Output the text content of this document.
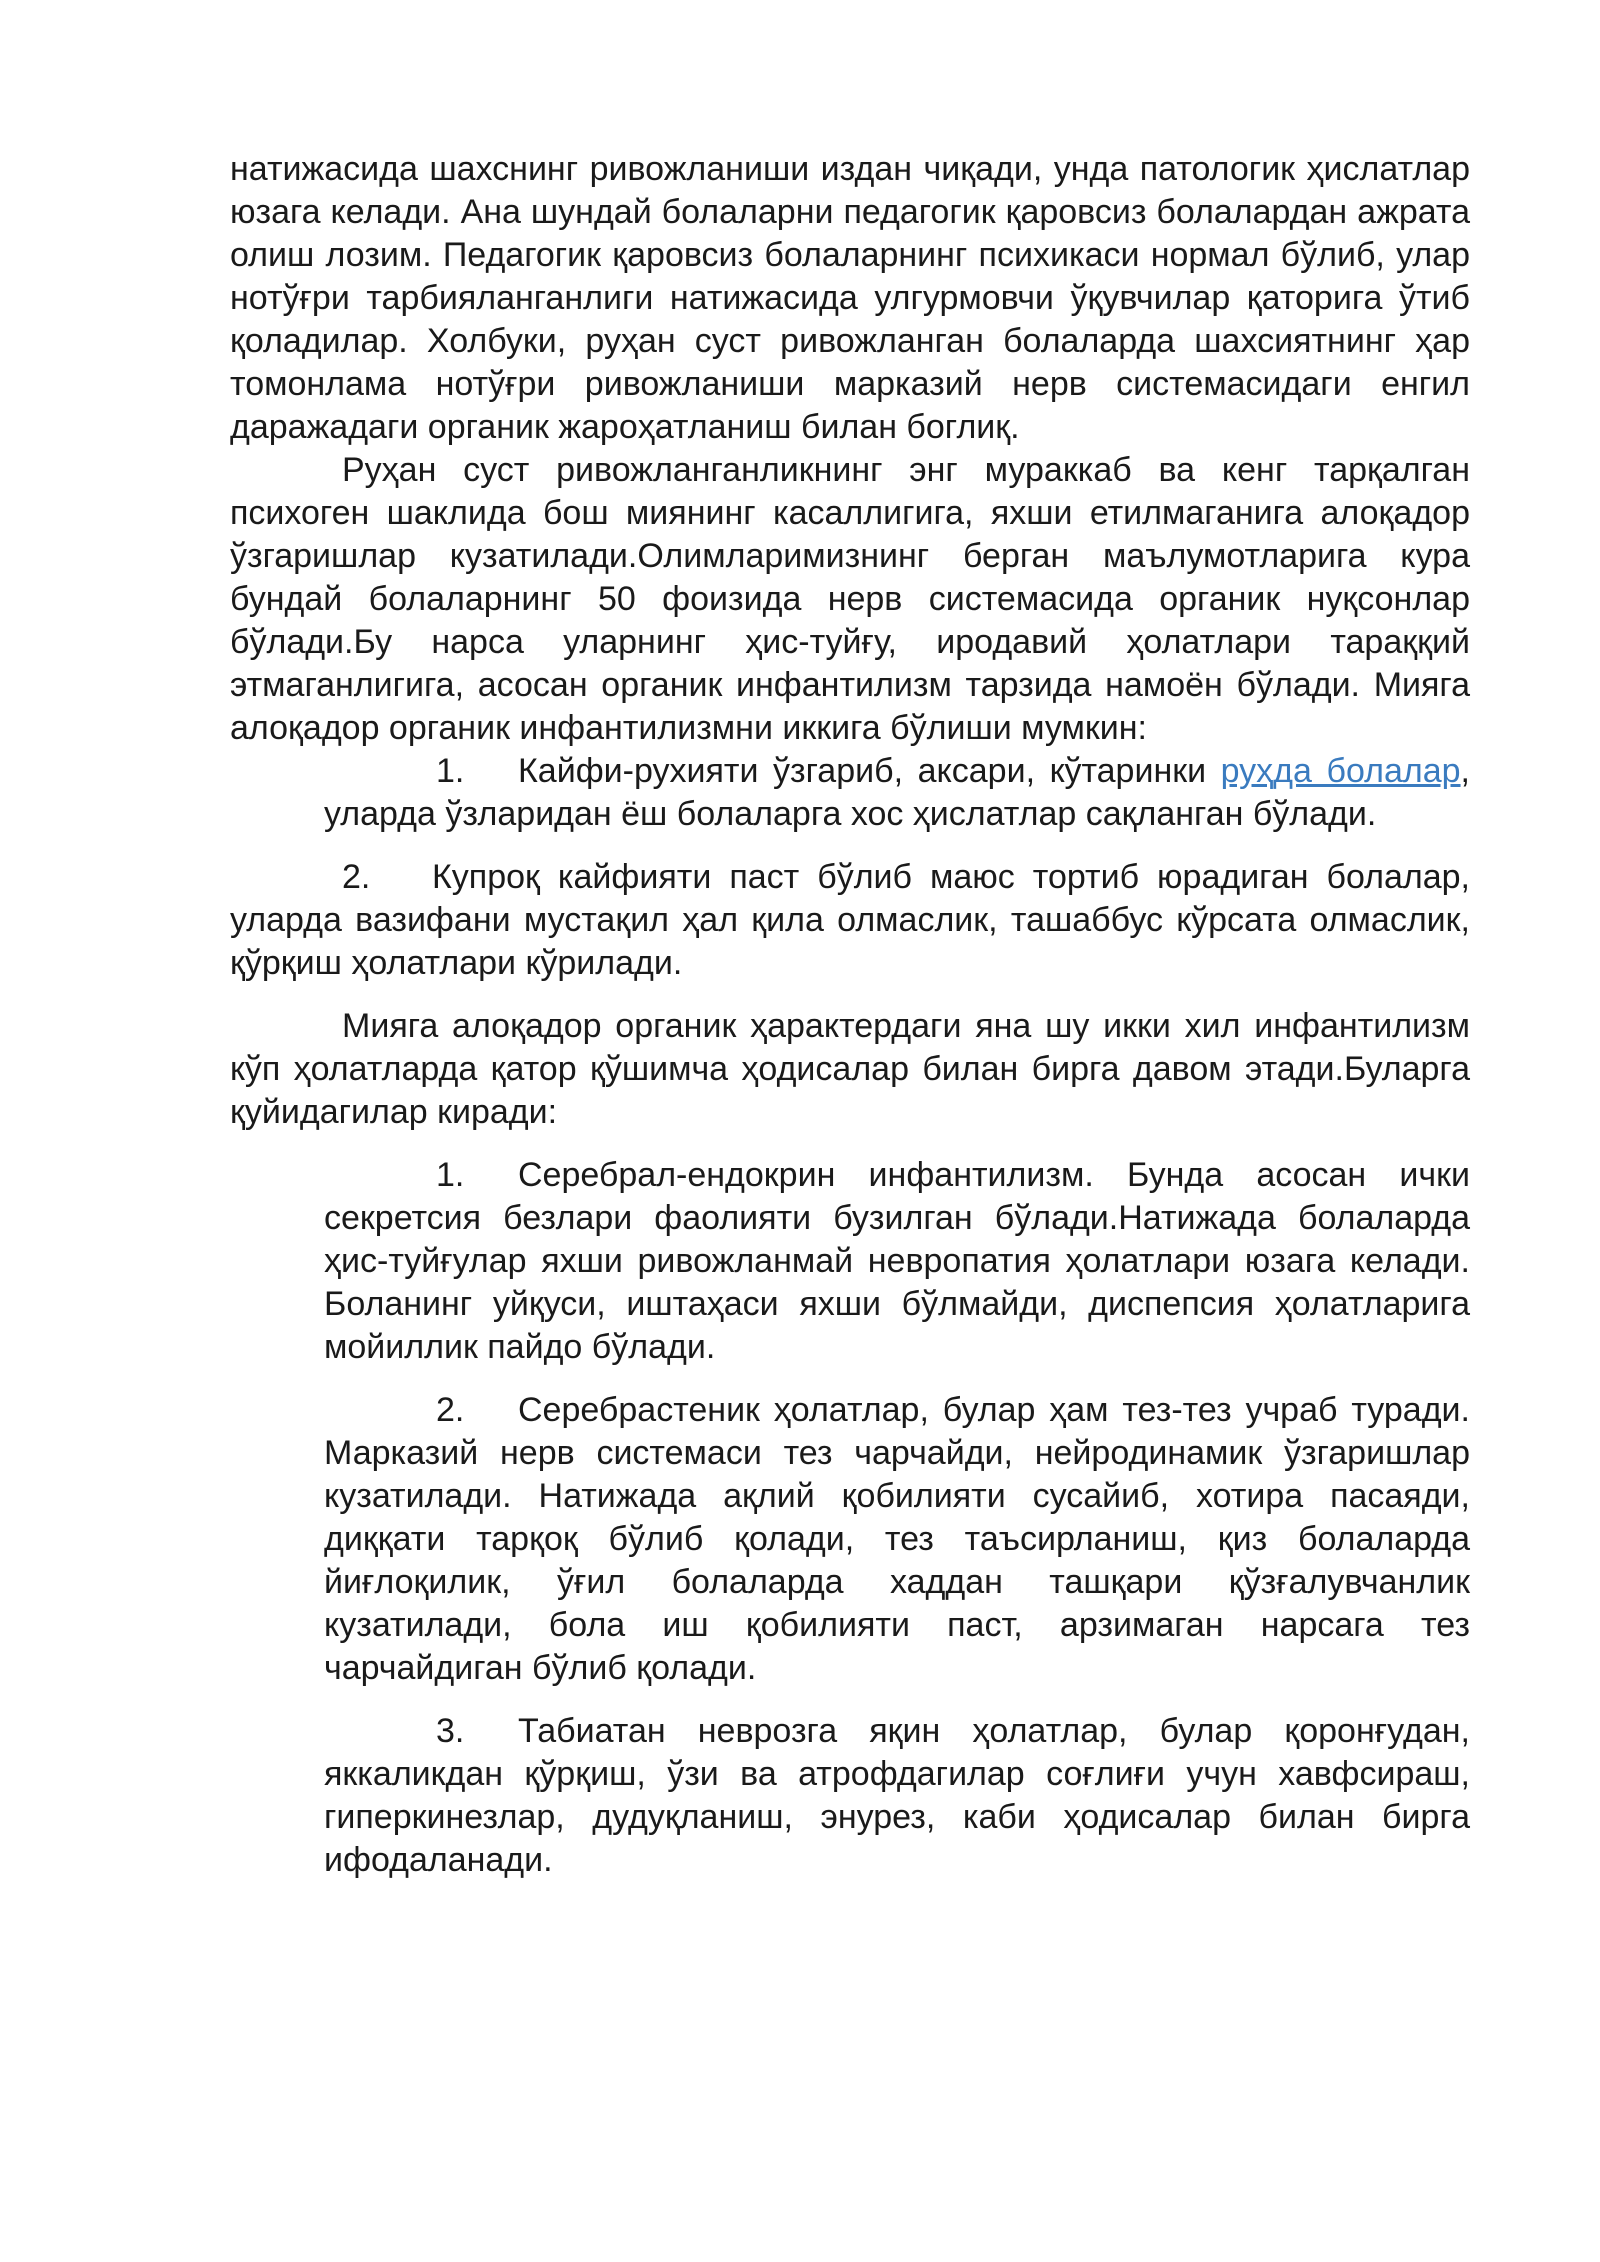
натижасида шахснинг ривожланиши издан чиқади, унда патологик ҳислатлар юзага келади. Ана шундай болаларни педагогик қаровсиз болалардан ажрата олиш лозим. Педагогик қаровсиз болаларнинг психикаси нормал бўлиб, улар нотўғри тарбияланганлиги натижасида улгурмовчи ўқувчилар қаторига ўтиб қоладилар. Холбуки, руҳан суст ривожланган болаларда шахсиятнинг ҳар томонлама нотўғри ривожланиши марказий нерв системасидаги енгил даражадаги органик жароҳатланиш билан боглиқ.

Руҳан суст ривожланганликнинг энг мураккаб ва кенг тарқалган психоген шаклида бош миянинг касаллигига, яхши етилмаганига алоқадор ўзгаришлар кузатилади.Олимларимизнинг берган маълумотларига кура бундай болаларнинг 50 фоизида нерв системасида органик нуқсонлар бўлади.Бу нарса уларнинг ҳис-туйғу, иродавий ҳолатлари тараққий этмаганлигига, асосан органик инфантилизм тарзида намоён бўлади. Мияга алоқадор органик инфантилизмни иккига бўлиши мумкин:

1. Кайфи-рухияти ўзгариб, аксари, кўтаринки руҳда болалар, уларда ўзларидан ёш болаларга хос ҳислатлар сақланган бўлади.

2. Купроқ кайфияти паст бўлиб маюс тортиб юрадиган болалар, уларда вазифани мустақил ҳал қила олмаслик, ташаббус кўрсата олмаслик, қўрқиш ҳолатлари кўрилади.

Мияга алоқадор органик ҳарактердаги яна шу икки хил инфантилизм кўп ҳолатларда қатор қўшимча ҳодисалар билан бирга давом этади.Буларга қуйидагилар киради:

1. Серебрал-ендокрин инфантилизм. Бунда асосан ички секретсия безлари фаолияти бузилган бўлади.Натижада болаларда ҳис-туйғулар яхши ривожланмай невропатия ҳолатлари юзага келади. Боланинг уйқуси, иштаҳаси яхши бўлмайди, диспепсия ҳолатларига мойиллик пайдо бўлади.

2. Серебрастеник ҳолатлар, булар ҳам тез-тез учраб туради. Марказий нерв системаси тез чарчайди, нейродинамик ўзгаришлар кузатилади. Натижада ақлий қобилияти сусайиб, хотира пасаяди, диққати тарқоқ бўлиб қолади, тез таъсирланиш, қиз болаларда йиғлоқилик, ўғил болаларда хаддан ташқари қўзғалувчанлик кузатилади, бола иш қобилияти паст, арзимаган нарсага тез чарчайдиган бўлиб қолади.

3. Табиатан неврозга яқин ҳолатлар, булар қоронғудан, яккаликдан қўрқиш, ўзи ва атрофдагилар соғлиғи учун хавфсираш, гиперкинезлар, дудуқланиш, энурез, каби ҳодисалар билан бирга ифодаланади.
